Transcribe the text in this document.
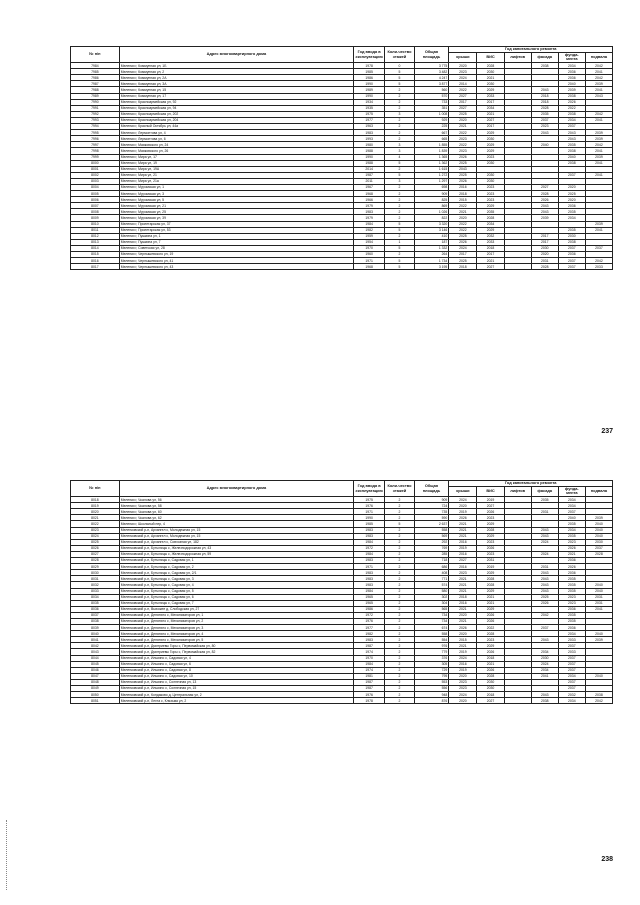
№ п/п	Адрес многоквартирного дома	Год ввода в эксплуатацию	Коли-чество этажей	Общая площадь	Год капитального ремонта					
					крыши	ВИС	лифтов	фасада	фунда-мента	подвала
7984	Меленки г, Коммунная ул, 1Б	1978	0	3 775	2020	2028		2038	2034	2042
7985	Меленки г, Коммунная ул, 2	1985	5	3 482	2023	2030			2036	2041
7986	Меленки г, Коммунная ул, 2А	1986	5	4 247	2024	2021			2036	2042
7987	Меленки г, Коммунная ул, 3А	1990	5	3 877	2014	2030			2040	2039
7988	Меленки г, Коммунная ул, 15	1989	2	560	2022	2029		2043	2039	2041
7989	Меленки г, Коммунная ул, 17	1990	2	570	2027	2033		2018	2038	2043
7990	Меленки г, Красноармейская ул, 92	1934	2	733	2017	2017		2018	2026	
7991	Меленки г, Красноармейская ул, 94	1935	2	351	2027	2034		2028	2022	
7992	Меленки г, Красноармейская ул, 202	1975	3	1 008	2025	2021		2035	2038	2042
7993	Меленки г, Красноармейская ул, 204	1977	2	929	2020	2027		2037	2034	2041
7994	Меленки г, Красный Октябрь ул, 44а	1963	2	225	2021	2017		2023	2037	
7995	Меленки г, Лермонтова ул, 4	1983	2	667	2022	2029		2043	2043	2039
7996	Меленки г, Лермонтова ул, 6	1993	2	665	2023	2030			2043	2039
7997	Меленки г, Маяковского ул, 24	1980	3	1 855	2022	2029		2040	2035	2042
7998	Меленки г, Маяковского ул, 26	1988	3	1 839	2023	2029			2038	2041
7999	Меленки г, Мира ул, 17	1990	4	1 365	2026	2023			2040	2039
8000	Меленки г, Мира ул, 19	1988	5	1 362	2025	2030			2038	2041
8001	Меленки г, Мира ул, 19А	2014	2	1 615	2043					
8002	Меленки г, Мира ул, 21	1987	5	1 272	2025	2030			2037	2041
8003	Меленки г, Мира ул, 21а	2011	3	1 297	2026	2030				
8004	Меленки г, Муромская ул, 1	1967	2	698	2016	2023		2027	2020	
8005	Меленки г, Муромская ул, 3	1968	2	909	2018	2023		2028	2025	
8006	Меленки г, Муромская ул, 5	1966	2	825	2015	2023		2026	2020	
8007	Меленки г, Муромская ул, 21	1979	2	869	2022	2029		2043	2036	
8008	Меленки г, Муромская ул, 25	1983	2	1 026	2021	2035		2043	2035	
8009	Меленки г, Муромская ул, 39	1979	2	822	2020	2028		2039	2034	
8010	Меленки г, Пролетарская ул, 37	1984	5	3 320	2022	2034				2039
8011	Меленки г, Пролетарская ул, 53	1982	5	3 146	2022	2029			2035	2041
8012	Меленки г, Пушкина ул, 1	1959	2	410	2025	2032		2017	2030	
8013	Меленки г, Пушкина ул, 7	1954	1	187	2026	2033		2017	2038	
8014	Меленки г, Советская ул, 28	1970	5	1 332	2024	2018		2030	2037	2037
8015	Меленки г, Чернышевского ул, 19	1960	2	264	2017	2017		2020	2036	
8016	Меленки г, Чернышевского ул, 41	1971	5	1 734	2025	2021		2031	2037	2042
8017	Меленки г, Чернышевского ул, 43	1968	5	3 195	2018	2027		2028	2037	2033
237
№ п/п	Адрес многоквартирного дома	Год ввода в эксплуатацию	Коли-чество этажей	Общая площадь	Год капитального ремонта					
					крыши	ВИС	лифтов	фасада	фунда-мента	подвала
8018	Меленки г, Чкалова ул, 56	1975	2	909	2024	2019		2035	2034	
8019	Меленки г, Чкалова ул, 58	1976	2	724	2020	2027			2034	
8020	Меленки г, Чкалова ул, 60	1971	2	735	2019	2026		2031	2037	
8021	Меленки г, Чкалова ул, 62	1990	2	590	2026	2023			2040	2039
8022	Меленки г, Школьный пер, 4	1985	5	2 637	2021	2029			2035	2040
8023	Меленковский р-н, Архангел с, Молодежная ул, 15	1983	2	558	2021	2028		2043	2034	2040
8024	Меленковский р-н, Архангел с, Молодежная ул, 15	1983	2	569	2021	2029		2043	2035	2040
8025	Меленковский р-н, Архангел с, Совхозная ул, 182	1984	2	292	2016	2023		2024	2023	2030
8026	Меленковский р-н, Бутылицы с, Железнодорожная ул, 43	1972	2	769	2019	2026			2026	2037
8027	Меленковский р-н, Бутылицы с, Железнодорожная ул, 59	1984	2	285	2016	2023		2024	2021	2028
8028	Меленковский р-н, Бутылицы с, Садовая ул, 1	1983	2	718	2027	2031			2036	
8029	Меленковский р-н, Бутылицы с, Садовая ул, 2	1971	2	686	2016	2019		2031	2026	
8030	Меленковский р-н, Бутылицы с, Садовая ул, 2/1	1983	2	408	2023	2029		2043	2036	
8031	Меленковский р-н, Бутылицы с, Садовая ул, 3	1983	2	771	2021	2028		2043	2035	
8032	Меленковский р-н, Бутылицы с, Садовая ул, 4	1983	2	574	2021	2028		2043	2035	2040
8033	Меленковский р-н, Бутылицы с, Садовая ул, 5	1984	2	580	2021	2029		2043	2035	2040
8034	Меленковский р-н, Бутылицы с, Садовая ул, 6	1965	2	302	2018	2021		2025	2023	2031
8035	Меленковский р-н, Бутылицы с, Садовая ул, 7	1965	2	304	2016	2021		2026	2023	2031
8036	Меленковский р-н, Выхожее д, Слободская ул, 27	1986	2	565	2021	2029			2036	2041
8037	Меленковский р-н, Денятино с, Механизаторов ул, 1	1972	2	734	2020	2026		2042	2035	
8038	Меленковский р-н, Денятино с, Механизаторов ул, 2	1976	2	734	2021	2026			2035	
8039	Меленковский р-н, Денятино с, Механизаторов ул, 3	1977	2	674	2026	2022		2037	2036	
8040	Меленковский р-н, Денятино с, Механизаторов ул, 4	1982	2	558	2020	2028			2034	2040
8041	Меленковский р-н, Денятино с, Механизаторов ул, 5	1983	2	554	2015	2023		2043	2033	2039
8042	Меленковский р-н, Дмитриевы Горы с, Первомайская ул, 80	1987	2	976	2021	2029			2037	
8043	Меленковский р-н, Дмитриевы Горы с, Первомайская ул, 82	1974	2	779	2019	2026		2034	2033	
8044	Меленковский р-н, Илькино с, Садовая ул, 4	1970	2	376	2024	2018		2030	2037	
8045	Меленковский р-н, Илькино с, Садовая ул, 6	1984	2	305	2016	2021		2024	2037	
8046	Меленковский р-н, Илькино с, Садовая ул, 8	1974	2	729	2019	2026		2034	2037	
8047	Меленковский р-н, Илькино с, Садовая ул, 10	1981	2	795	2020	2028		2041	2034	2040
8048	Меленковский р-н, Илькино с, Солнечная ул, 13	1987	2	553	2023	2030			2037	
8049	Меленковский р-н, Илькино с, Солнечная ул, 15	1987	2	556	2023	2030			2037	
8050	Меленковский р-н, Кондаково д, Центральная ул, 2	1976	2	948	2024	2018		2043	2032	2038
8051	Меленковский р-н, Лехта с, Клязьма ул, 2	1978	2	876	2020	2027		2038	2034	2042
238
